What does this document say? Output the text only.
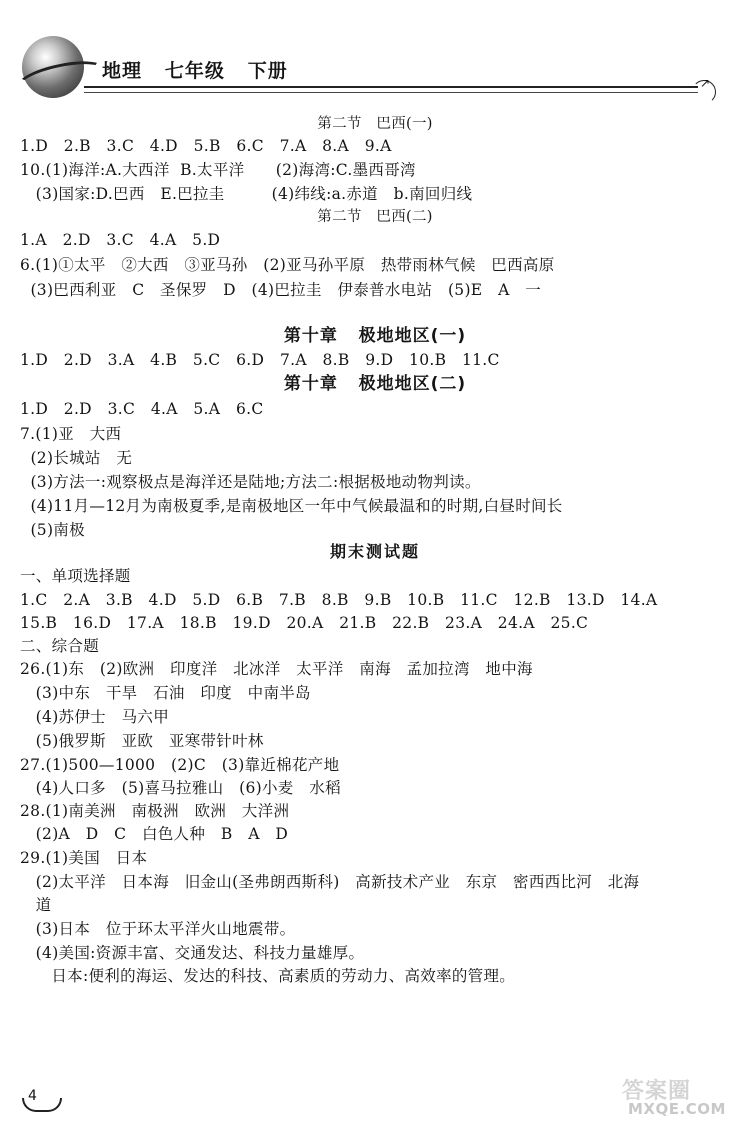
地理   七年级   下册
↗
第二节   巴西(一)
1.D   2.B   3.C   4.D   5.B   6.C   7.A   8.A   9.A
10.(1)海洋:A.大西洋  B.太平洋      (2)海湾:C.墨西哥湾
(3)国家:D.巴西   E.巴拉圭         (4)纬线:a.赤道   b.南回归线
第二节   巴西(二)
1.A   2.D   3.C   4.A   5.D
6.(1)①太平   ②大西   ③亚马孙   (2)亚马孙平原   热带雨林气候   巴西高原
(3)巴西利亚   C   圣保罗   D   (4)巴拉圭   伊泰普水电站   (5)E   A   一
第十章   极地地区(一)
1.D   2.D   3.A   4.B   5.C   6.D   7.A   8.B   9.D   10.B   11.C
第十章   极地地区(二)
1.D   2.D   3.C   4.A   5.A   6.C
7.(1)亚   大西
(2)长城站   无
(3)方法一:观察极点是海洋还是陆地;方法二:根据极地动物判读。
(4)11月—12月为南极夏季,是南极地区一年中气候最温和的时期,白昼时间长
(5)南极
期末测试题
一、单项选择题
1.C   2.A   3.B   4.D   5.D   6.B   7.B   8.B   9.B   10.B   11.C   12.B   13.D   14.A
15.B   16.D   17.A   18.B   19.D   20.A   21.B   22.B   23.A   24.A   25.C
二、综合题
26.(1)东   (2)欧洲   印度洋   北冰洋   太平洋   南海   孟加拉湾   地中海
(3)中东   干旱   石油   印度   中南半岛
(4)苏伊士   马六甲
(5)俄罗斯   亚欧   亚寒带针叶林
27.(1)500—1000   (2)C   (3)靠近棉花产地
(4)人口多   (5)喜马拉雅山   (6)小麦   水稻
28.(1)南美洲   南极洲   欧洲   大洋洲
(2)A   D   C   白色人种   B   A   D
29.(1)美国   日本
(2)太平洋   日本海   旧金山(圣弗朗西斯科)   高新技术产业   东京   密西西比河   北海
道
(3)日本   位于环太平洋火山地震带。
(4)美国:资源丰富、交通发达、科技力量雄厚。
日本:便利的海运、发达的科技、高素质的劳动力、高效率的管理。
4	答案圈
MXQE.COM
